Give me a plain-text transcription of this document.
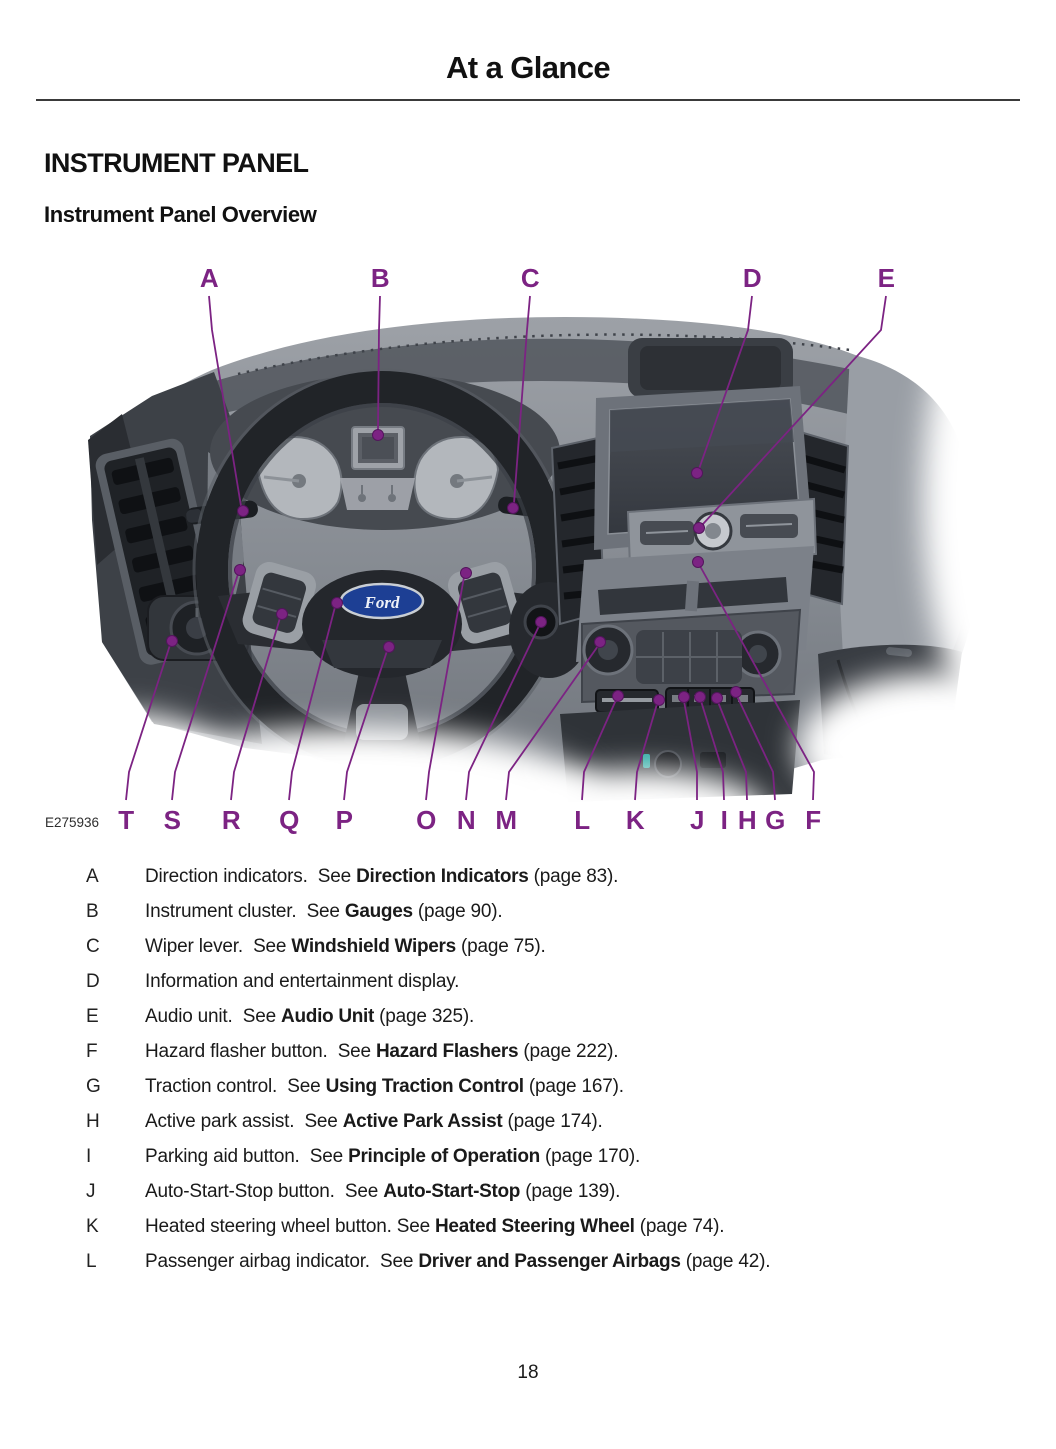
At a Glance
INSTRUMENT PANEL
Instrument Panel Overview
Ford
A	B	C	D	E
T S R Q P O N M L K J I H G F
E275936
A	Direction indicators.  See Direction Indicators (page 83).
B	Instrument cluster.  See Gauges (page 90).
C	Wiper lever.  See Windshield Wipers (page 75).
D	Information and entertainment display.
E	Audio unit.  See Audio Unit (page 325).
F	Hazard flasher button.  See Hazard Flashers (page 222).
G	Traction control.  See Using Traction Control (page 167).
H	Active park assist.  See Active Park Assist (page 174).
I	Parking aid button.  See Principle of Operation (page 170).
J	Auto-Start-Stop button.  See Auto-Start-Stop (page 139).
K	Heated steering wheel button. See Heated Steering Wheel (page 74).
L	Passenger airbag indicator.  See Driver and Passenger Airbags (page 42).
18
